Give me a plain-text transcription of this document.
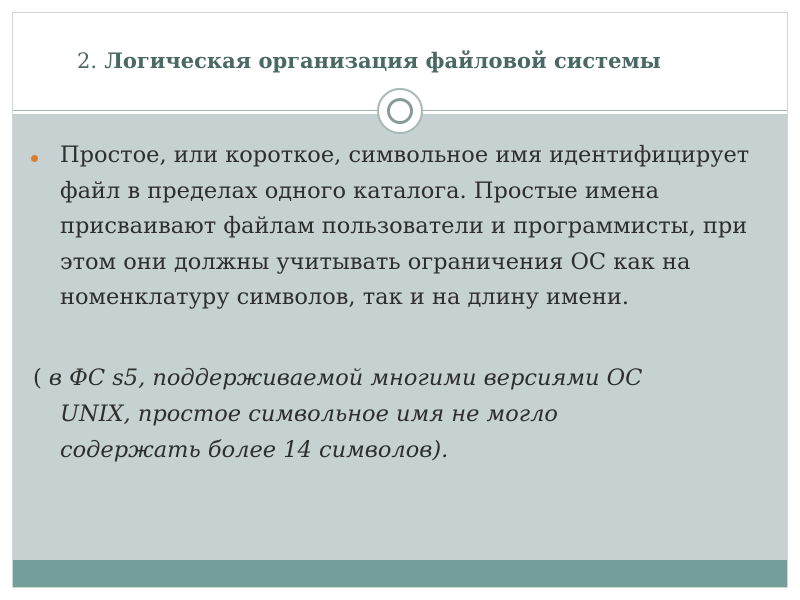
2. Логическая организация файловой системы

Простое, или короткое, символьное имя идентифицирует файл в пределах одного каталога. Простые имена присваивают файлам пользователи и программисты, при этом они должны учитывать ограничения ОС как на номенклатуру символов, так и на длину имени.

( в ФС s5, поддерживаемой многими версиями ОС
UNIX, простое символьное имя не могло
содержать более 14 символов).
